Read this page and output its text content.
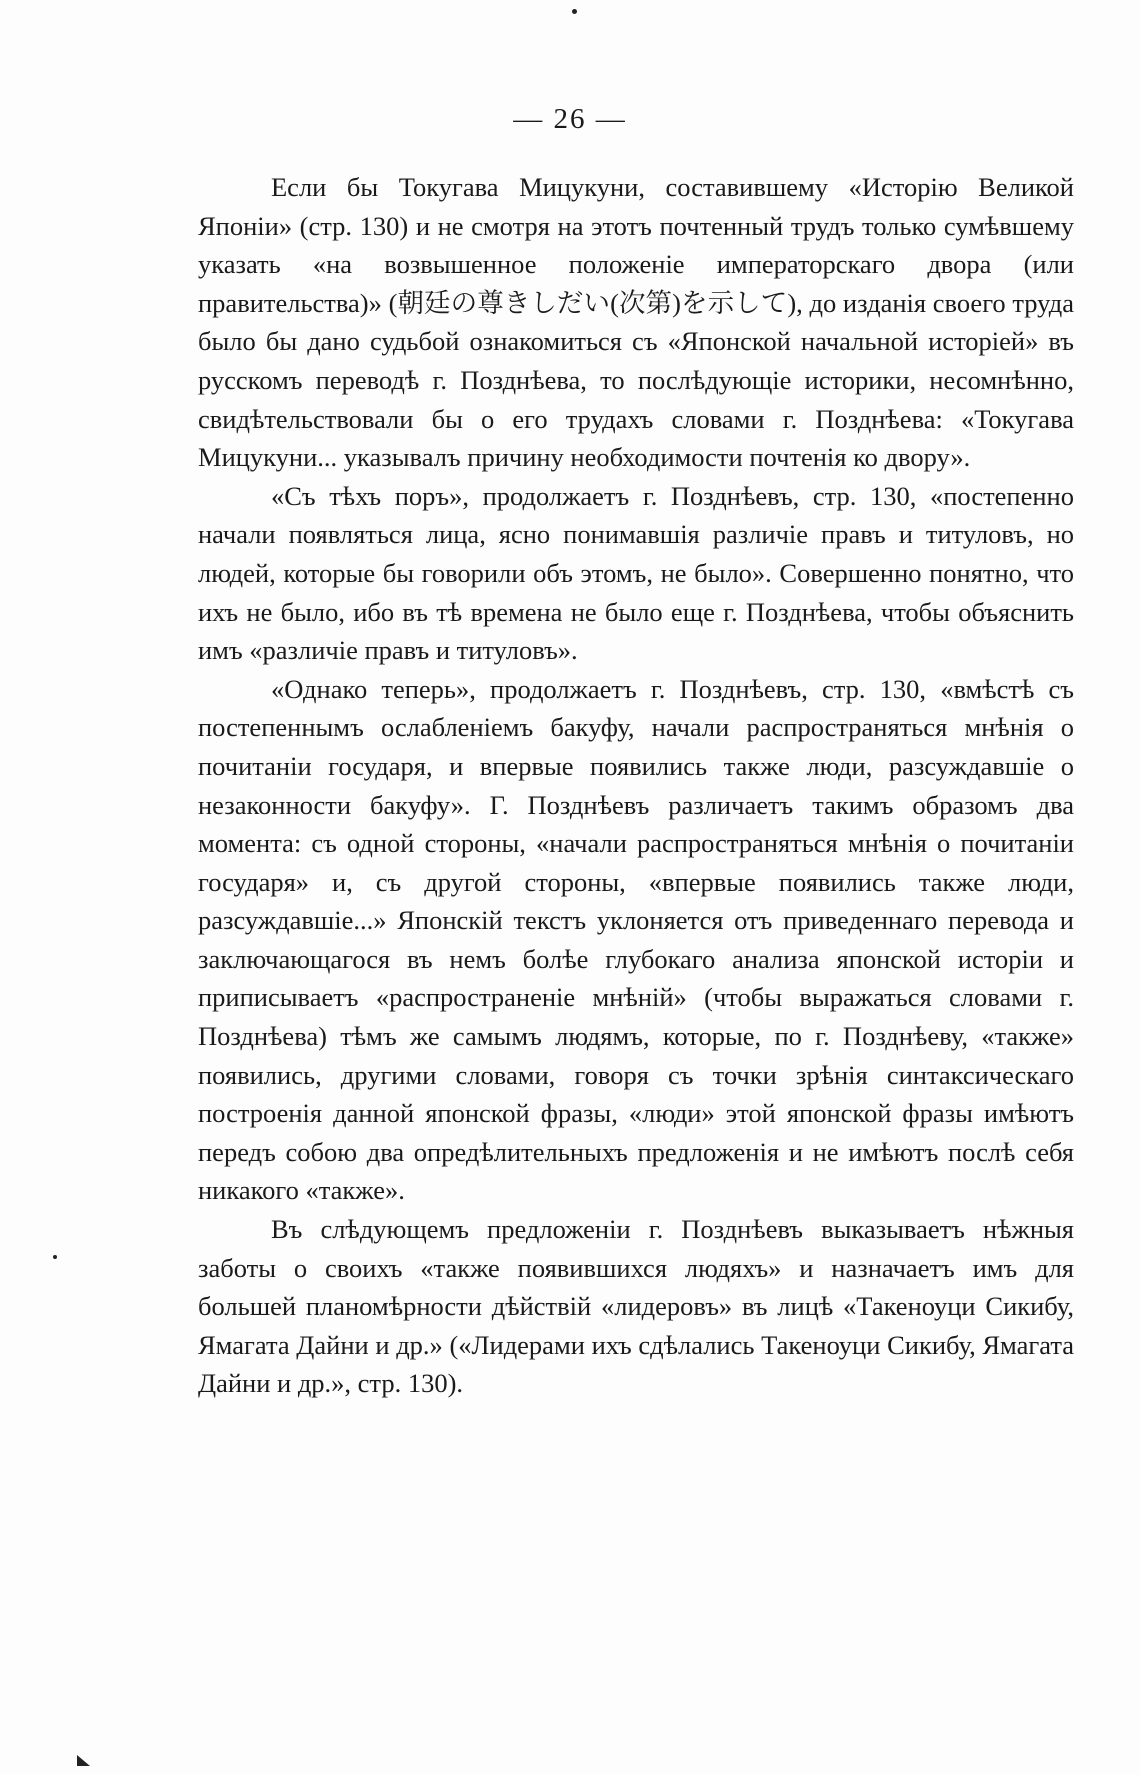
— 26 —

Если бы Токугава Мицукуни, составившему «Исторію Великой Японіи» (стр. 130) и не смотря на этотъ почтенный трудъ только сумѣвшему указать «на возвышенное положеніе императорскаго двора (или правительства)» (朝廷の尊きしだい(次第)を示して), до изданія своего труда было бы дано судьбой ознакомиться съ «Японской начальной исторіей» въ русскомъ переводѣ г. Позднѣева, то послѣдующіе историки, несомнѣнно, свидѣтельствовали бы о его трудахъ словами г. Позднѣева: «Токугава Мицукуни... указывалъ причину необходимости почтенія ко двору».

«Съ тѣхъ поръ», продолжаетъ г. Позднѣевъ, стр. 130, «постепенно начали появляться лица, ясно понимавшія различіе правъ и титуловъ, но людей, которые бы говорили объ этомъ, не было». Совершенно понятно, что ихъ не было, ибо въ тѣ времена не было еще г. Позднѣева, чтобы объяснить имъ «различіе правъ и титуловъ».

«Однако теперь», продолжаетъ г. Позднѣевъ, стр. 130, «вмѣстѣ съ постепеннымъ ослабленіемъ бакуфу, начали распространяться мнѣнія о почитаніи государя, и впервые появились также люди, разсуждавшіе о незаконности бакуфу». Г. Позднѣевъ различаетъ такимъ образомъ два момента: съ одной стороны, «начали распространяться мнѣнія о почитаніи государя» и, съ другой стороны, «впервые появились также люди, разсуждавшіе...» Японскій текстъ уклоняется отъ приведеннаго перевода и заключающагося въ немъ болѣе глубокаго анализа японской исторіи и приписываетъ «распространеніе мнѣній» (чтобы выражаться словами г. Позднѣева) тѣмъ же самымъ людямъ, которые, по г. Позднѣеву, «также» появились, другими словами, говоря съ точки зрѣнія синтаксическаго построенія данной японской фразы, «люди» этой японской фразы имѣютъ передъ собою два опредѣлительныхъ предложенія и не имѣютъ послѣ себя никакого «также».

Въ слѣдующемъ предложеніи г. Позднѣевъ выказываетъ нѣжныя заботы о своихъ «также появившихся людяхъ» и назначаетъ имъ для большей планомѣрности дѣйствій «лидеровъ» въ лицѣ «Такеноуци Сикибу, Ямагата Дайни и др.» («Лидерами ихъ сдѣлались Такеноуци Сикибу, Ямагата Дайни и др.», стр. 130).
